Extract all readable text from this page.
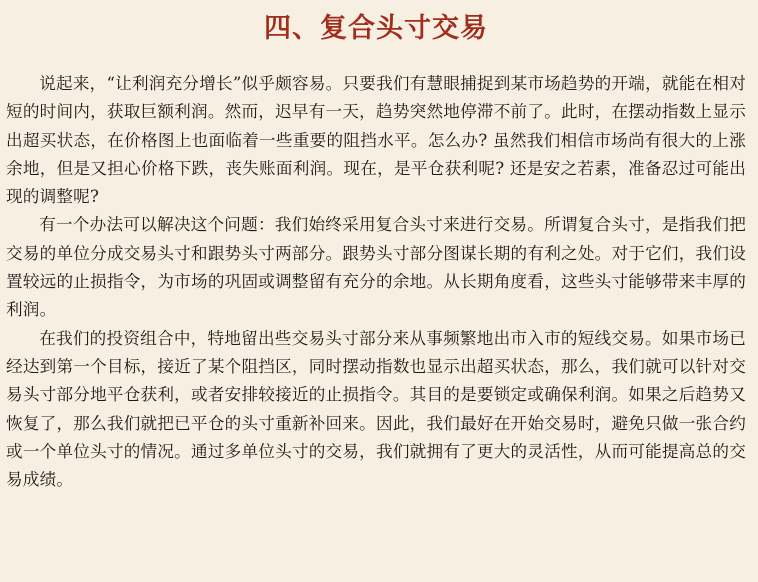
四、复合头寸交易

说起来，“让利润充分增长”似乎颇容易。只要我们有慧眼捕捉到某市场趋势的开端，就能在相对短的时间内，获取巨额利润。然而，迟早有一天，趋势突然地停滞不前了。此时，在摆动指数上显示出超买状态，在价格图上也面临着一些重要的阻挡水平。怎么办? 虽然我们相信市场尚有很大的上涨余地，但是又担心价格下跌，丧失账面利润。现在，是平仓获利呢? 还是安之若素，准备忍过可能出现的调整呢?

有一个办法可以解决这个问题：我们始终采用复合头寸来进行交易。所谓复合头寸，是指我们把交易的单位分成交易头寸和跟势头寸两部分。跟势头寸部分图谋长期的有利之处。对于它们，我们设置较远的止损指令，为市场的巩固或调整留有充分的余地。从长期角度看，这些头寸能够带来丰厚的利润。

在我们的投资组合中，特地留出些交易头寸部分来从事频繁地出市入市的短线交易。如果市场已经达到第一个目标，接近了某个阻挡区，同时摆动指数也显示出超买状态，那么，我们就可以针对交易头寸部分地平仓获利，或者安排较接近的止损指令。其目的是要锁定或确保利润。如果之后趋势又恢复了，那么我们就把已平仓的头寸重新补回来。因此，我们最好在开始交易时，避免只做一张合约或一个单位头寸的情况。通过多单位头寸的交易，我们就拥有了更大的灵活性，从而可能提高总的交易成绩。
